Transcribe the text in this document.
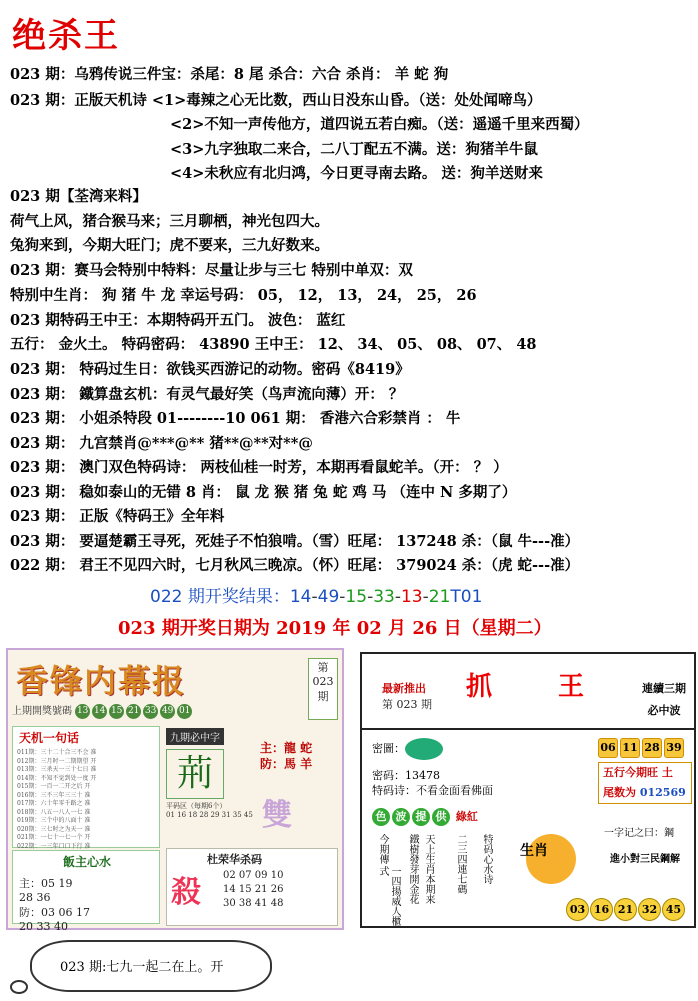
绝杀王
023 期：乌鸦传说三件宝：杀尾：8 尾 杀合：六合 杀肖： 羊 蛇 狗
023 期：正版天机诗 <1>毒辣之心无比数，西山日没东山昏。（送：处处闻啼鸟）
<2>不知一声传他方，道四说五若白痴。（送：遥遥千里来西蜀）
<3>九字独取二来合，二八丁配五不满。送：狗猪羊牛鼠
<4>未秋应有北归鸿，今日更寻南去路。 送：狗羊送财来
023 期【荃湾来料】
荷气上风，猪合猴马来；三月聊栖，神光包四大。
兔狗来到，今期大旺门；虎不要来，三九好数来。
023 期：赛马会特别中特料：尽量让步与三七 特别中单双：双
特别中生肖： 狗 猪 牛 龙 幸运号码： 05， 12， 13， 24， 25， 26
023 期特码王中王：本期特码开五门。 波色： 蓝红
五行： 金火土。 特码密码： 43890 王中王： 12、 34、 05、 08、 07、 48
023 期： 特码过生日：欲钱买西游记的动物。密码《8419》
023 期： 鐵算盘玄机：有灵气最好笑（鸟声流向薄）开： ？
023 期： 小姐杀特段 01--------10 061 期： 香港六合彩禁肖 ： 牛
023 期： 九宫禁肖@***@** 猪**@**对**@
023 期： 澳门双色特码诗： 两枝仙桂一时芳，本期再看鼠蛇羊。（开： ？ ）
023 期： 稳如泰山的无错 8 肖： 鼠 龙 猴 猪 兔 蛇 鸡 马 （连中 N 多期了）
023 期： 正版《特码王》全年料
023 期： 要逼楚霸王寻死，死娃子不怕狼啃。（雪）旺尾： 137248 杀：（鼠 牛---准）
022 期： 君王不见四六时，七月秋风三晚凉。（怀）旺尾： 379024 杀：（虎 蛇---准）
022 期开奖结果：14-49-15-33-13-21T01
023 期开奖日期为 2019 年 02 月 26 日（星期二）
香锋内幕报	第023期
上期開獎號碼 13 14 15 21 33 49 01
天机一句话
011期：三十二十合三不会 准
012期：三月时一二期期望 开
013期：三杀天一三十七日 准
014期：不知不觉到处一度 开
015期：一百一二开之后 开
016期：三不三年三三十 准
017期：六十年零千路之 准
018期：八五一八人一七 准
019期：三个中的八面十 准
020期：三七时之为天一 准
021期：一七十一七一个 开
022期：一三年口口下行 准
飯主心水
主：05 19
28 36
防：03 06 17
20 33 40
九期必中字
荊
平码区（每期6个）
01 16 18 28 29 31 35 45
主：龍 蛇
防：馬 羊
雙
杜荣华杀码
殺 02 07 09 10
14 15 21 26
30 38 41 48
最新推出
第 023 期
抓王
連續三期
必中波
密圖：
密码：13478
特码诗：不看金面看佛面
06 11 28 39
五行今期旺 土
尾数为 012569
色 波 提 供 綠紅
今期傳
一四揚威人櫃式	鐵樹發芽開金花 天上生肖本期来 二三四連七碼 特码心水诗 生肖
一字记之曰：鋼
進小對三民鋼解
03 16 21 32 45
023 期:七九一起二在上。开
